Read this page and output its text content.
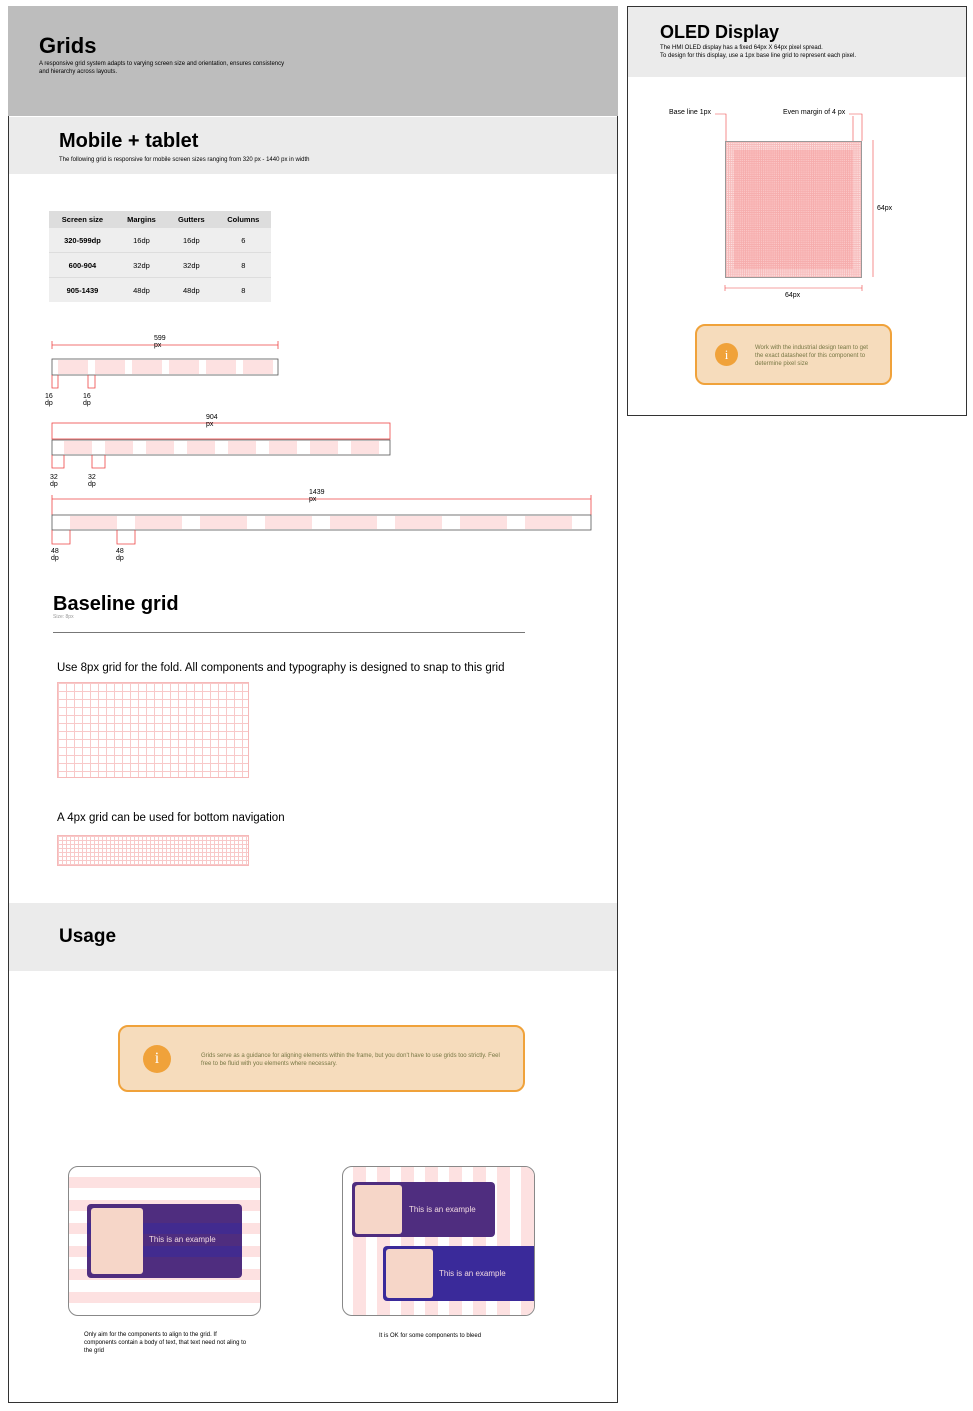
Grids
A responsive grid system adapts to varying screen size and orientation, ensures consistency and hierarchy across layouts.
Mobile + tablet
The following grid is responsive for mobile screen sizes ranging from 320 px - 1440 px in width
Screen size	Margins	Gutters	Columns
320-599dp	16dp	16dp	6
600-904	32dp	32dp	8
905-1439	48dp	48dp	8
599 px
16 dp
16 dp
904 px
32 dp
32 dp
1439 px
48 dp
48 dp
Baseline grid
Size: 8px
Use 8px grid for the fold. All components and typography is designed to snap to this grid
A 4px grid can be used for bottom navigation
Usage
i	Grids serve as a guidance for aligning elements within the frame, but you don't have to use grids too strictly. Feel free to be fluid with you elements where necessary.
This is an example
Only aim for the components to align to the grid. If components contain a body of text, that text need not aling to the grid
This is an example
This is an example
It is OK for some components to bleed
OLED Display
The HMI OLED display has a fixed 64px X 64px pixel spread.
To design for this display, use a 1px base line grid to represent each pixel.
Base line 1px	Even margin of 4 px
64px
64px
i	Work with the industrial design team to get the exact datasheet for this component to determine pixel size
